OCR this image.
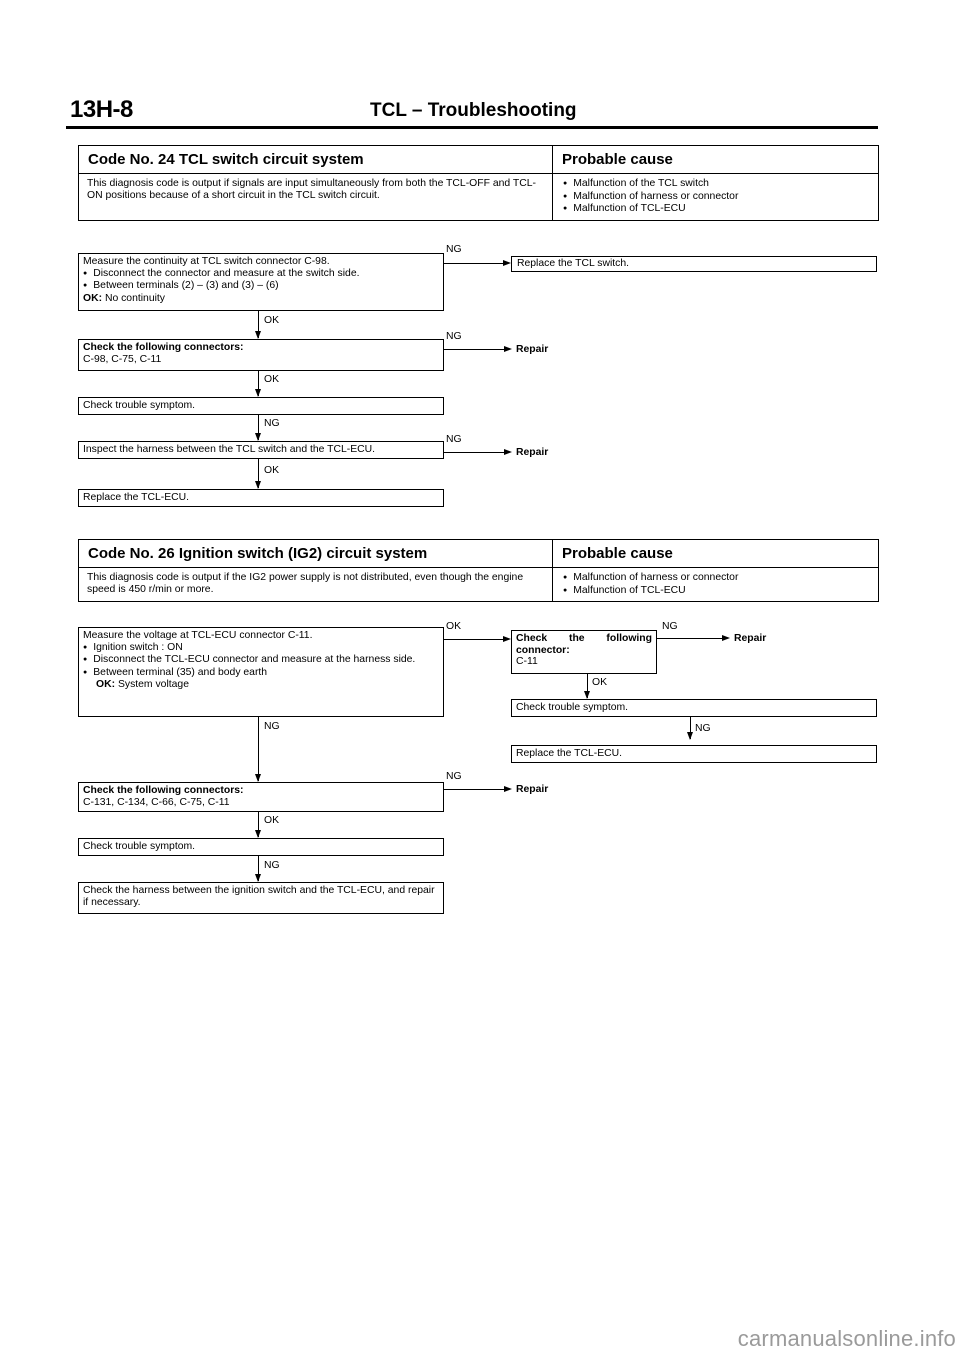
13H-8	TCL – Troubleshooting
Code No. 24 TCL switch circuit system	Probable cause
This diagnosis code is output if signals are input simultaneously from both the TCL-OFF and TCL-ON positions because of a short circuit in the TCL switch circuit.
● Malfunction of the TCL switch
● Malfunction of harness or connector
● Malfunction of TCL-ECU
Measure the continuity at TCL switch connector C-98.
● Disconnect the connector and measure at the switch side.
● Between terminals (2) – (3) and (3) – (6)
OK: No continuity
NG
Replace the TCL switch.
OK
Check the following connectors:
C-98, C-75, C-11
NG
Repair
OK
Check trouble symptom.
NG
Inspect the harness between the TCL switch and the TCL-ECU.
NG
Repair
OK
Replace the TCL-ECU.
Code No. 26 Ignition switch (IG2) circuit system	Probable cause
This diagnosis code is output if the IG2 power supply is not distributed, even though the engine speed is 450 r/min or more.
● Malfunction of harness or connector
● Malfunction of TCL-ECU
Measure the voltage at TCL-ECU connector C-11.
● Ignition switch : ON
● Disconnect the TCL-ECU connector and measure at the harness side.
● Between terminal (35) and body earth
OK: System voltage
OK
Check the following connector:
C-11
NG
Repair
OK
Check trouble symptom.
NG
Replace the TCL-ECU.
NG
Check the following connectors:
C-131, C-134, C-66, C-75, C-11
NG
Repair
OK
Check trouble symptom.
NG
Check the harness between the ignition switch and the TCL-ECU, and repair if necessary.
carmanualsonline.info
